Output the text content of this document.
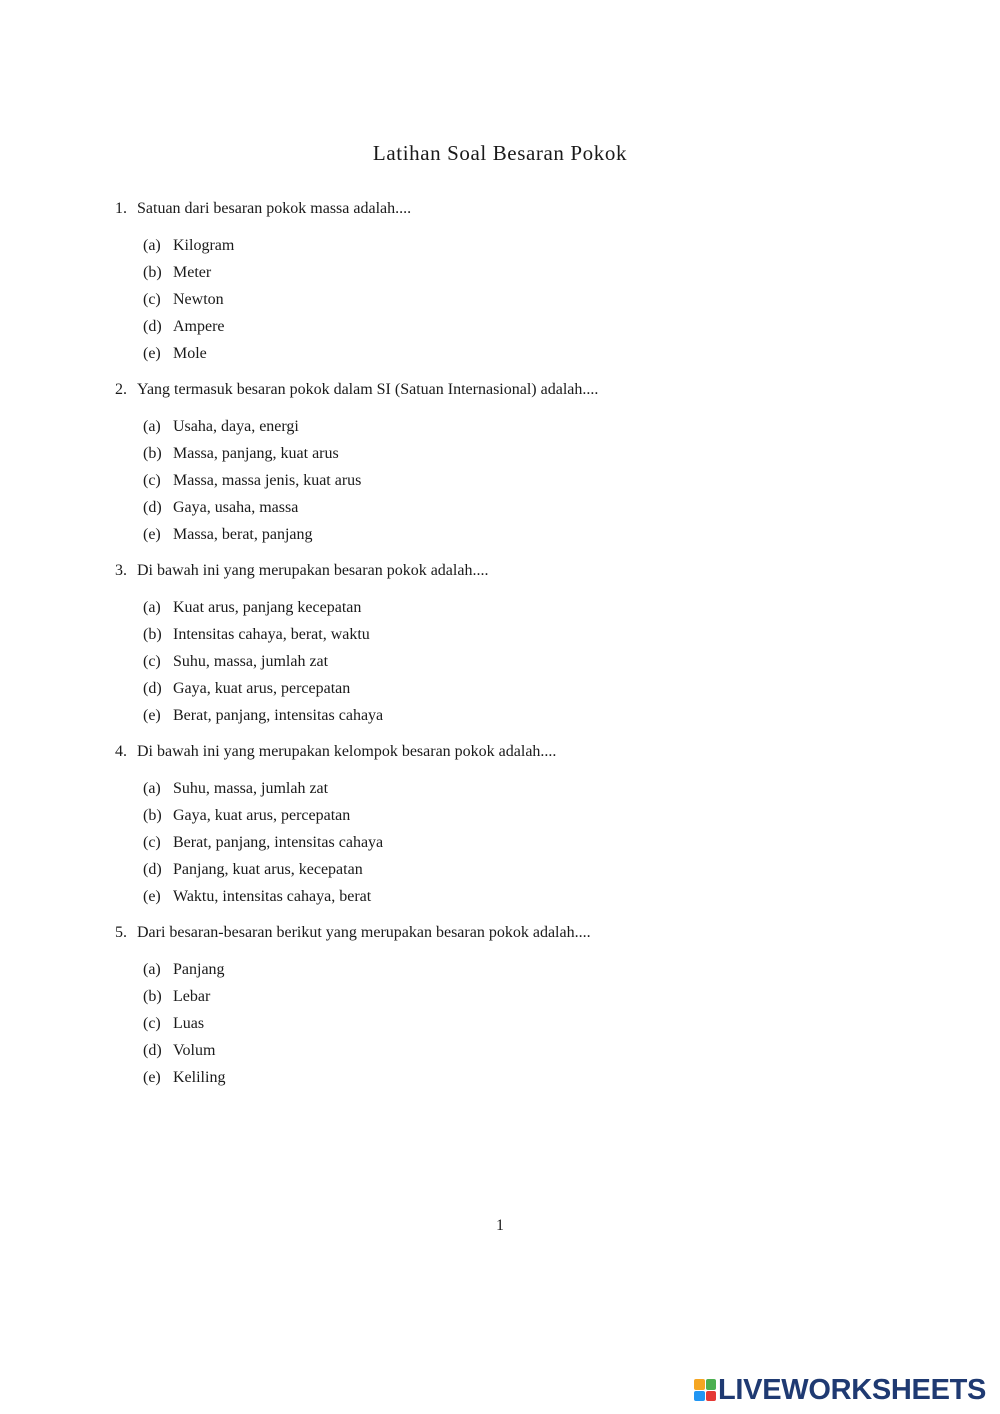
Latihan Soal Besaran Pokok
1. Satuan dari besaran pokok massa adalah....
(a) Kilogram
(b) Meter
(c) Newton
(d) Ampere
(e) Mole
2. Yang termasuk besaran pokok dalam SI (Satuan Internasional) adalah....
(a) Usaha, daya, energi
(b) Massa, panjang, kuat arus
(c) Massa, massa jenis, kuat arus
(d) Gaya, usaha, massa
(e) Massa, berat, panjang
3. Di bawah ini yang merupakan besaran pokok adalah....
(a) Kuat arus, panjang kecepatan
(b) Intensitas cahaya, berat, waktu
(c) Suhu, massa, jumlah zat
(d) Gaya, kuat arus, percepatan
(e) Berat, panjang, intensitas cahaya
4. Di bawah ini yang merupakan kelompok besaran pokok adalah....
(a) Suhu, massa, jumlah zat
(b) Gaya, kuat arus, percepatan
(c) Berat, panjang, intensitas cahaya
(d) Panjang, kuat arus, kecepatan
(e) Waktu, intensitas cahaya, berat
5. Dari besaran-besaran berikut yang merupakan besaran pokok adalah....
(a) Panjang
(b) Lebar
(c) Luas
(d) Volum
(e) Keliling
1
LIVEWORKSHEETS
